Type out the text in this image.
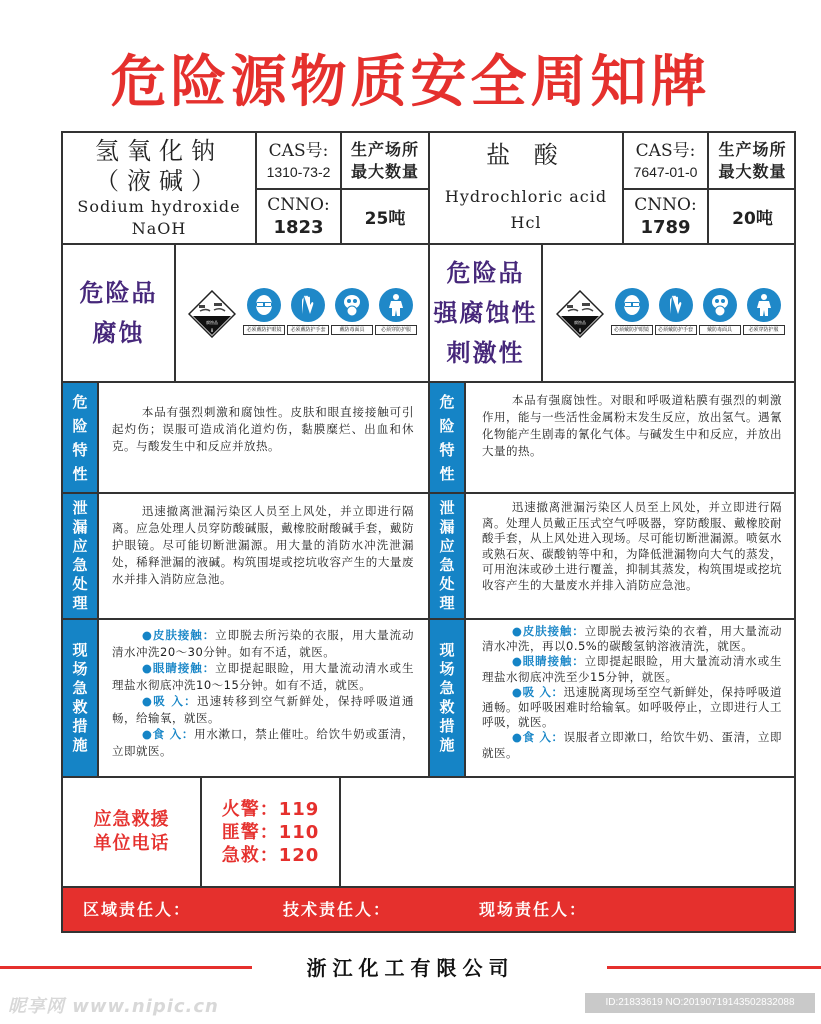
危险源物质安全周知牌
氢氧化钠
（液碱）
Sodium hydroxide
NaOH
CAS号:
1310-73-2
生产场所
最大数量
CNNO:
1823 25吨
盐 酸
Hydrochloric acid
Hcl
CAS号:
7647-01-0
生产场所
最大数量
CNNO:
1789 20吨
危险品
腐蚀
危险品
强腐蚀性
刺激性
腐蚀品
8	必须戴防护眼镜	必须戴防护手套	戴防毒面具	必须穿防护服
腐蚀品
8	必须戴防护眼镜	必须戴防护手套	戴防毒面具	必须穿防护服
危
险
特
性

本品有强烈刺激和腐蚀性。皮肤和眼直接接触可引起灼伤；误服可造成消化道灼伤，黏膜糜烂、出血和休克。与酸发生中和反应并放热。

危
险
特
性

本品有强腐蚀性。对眼和呼吸道粘膜有强烈的刺激作用，能与一些活性金属粉末发生反应，放出氢气。遇氰化物能产生剧毒的氰化气体。与碱发生中和反应，并放出大量的热。

泄
漏
应
急
处
理

迅速撤离泄漏污染区人员至上风处，并立即进行隔离。应急处理人员穿防酸碱服，戴橡胶耐酸碱手套，戴防护眼镜。尽可能切断泄漏源。用大量的消防水冲洗泄漏处，稀释泄漏的液碱。构筑围堤或挖坑收容产生的大量废水并排入消防应急池。

泄
漏
应
急
处
理

迅速撤离泄漏污染区人员至上风处，并立即进行隔离。处理人员戴正压式空气呼吸器，穿防酸服、戴橡胶耐酸手套，从上风处进入现场。尽可能切断泄漏源。喷氨水或熟石灰、碳酸钠等中和，为降低泄漏物向大气的蒸发，可用泡沫或砂土进行覆盖，抑制其蒸发，构筑围堤或挖坑收容产生的大量废水并排入消防应急池。

现
场
急
救
措
施

●皮肤接触：立即脱去所污染的衣服，用大量流动清水冲洗20～30分钟。如有不适，就医。

●眼睛接触：立即提起眼睑，用大量流动清水或生理盐水彻底冲洗10～15分钟。如有不适，就医。

●吸 入：迅速转移到空气新鲜处，保持呼吸道通畅，给输氧，就医。

●食 入：用水漱口，禁止催吐。给饮牛奶或蛋清，立即就医。

现
场
急
救
措
施

●皮肤接触：立即脱去被污染的衣着，用大量流动清水冲洗，再以0.5%的碳酸氢钠溶液清洗，就医。

●眼睛接触：立即提起眼睑，用大量流动清水或生理盐水彻底冲洗至少15分钟，就医。

●吸 入：迅速脱离现场至空气新鲜处，保持呼吸道通畅。如呼吸困难时给输氧。如呼吸停止，立即进行人工呼吸，就医。

●食 入：误服者立即漱口，给饮牛奶、蛋清，立即就医。

应急救援
单位电话
火警：119
匪警：110
急救：120
区域责任人：	技术责任人：	现场责任人：
浙江化工有限公司
昵享网 www.nipic.cn	ID:21833619 NO:20190719143502832088
